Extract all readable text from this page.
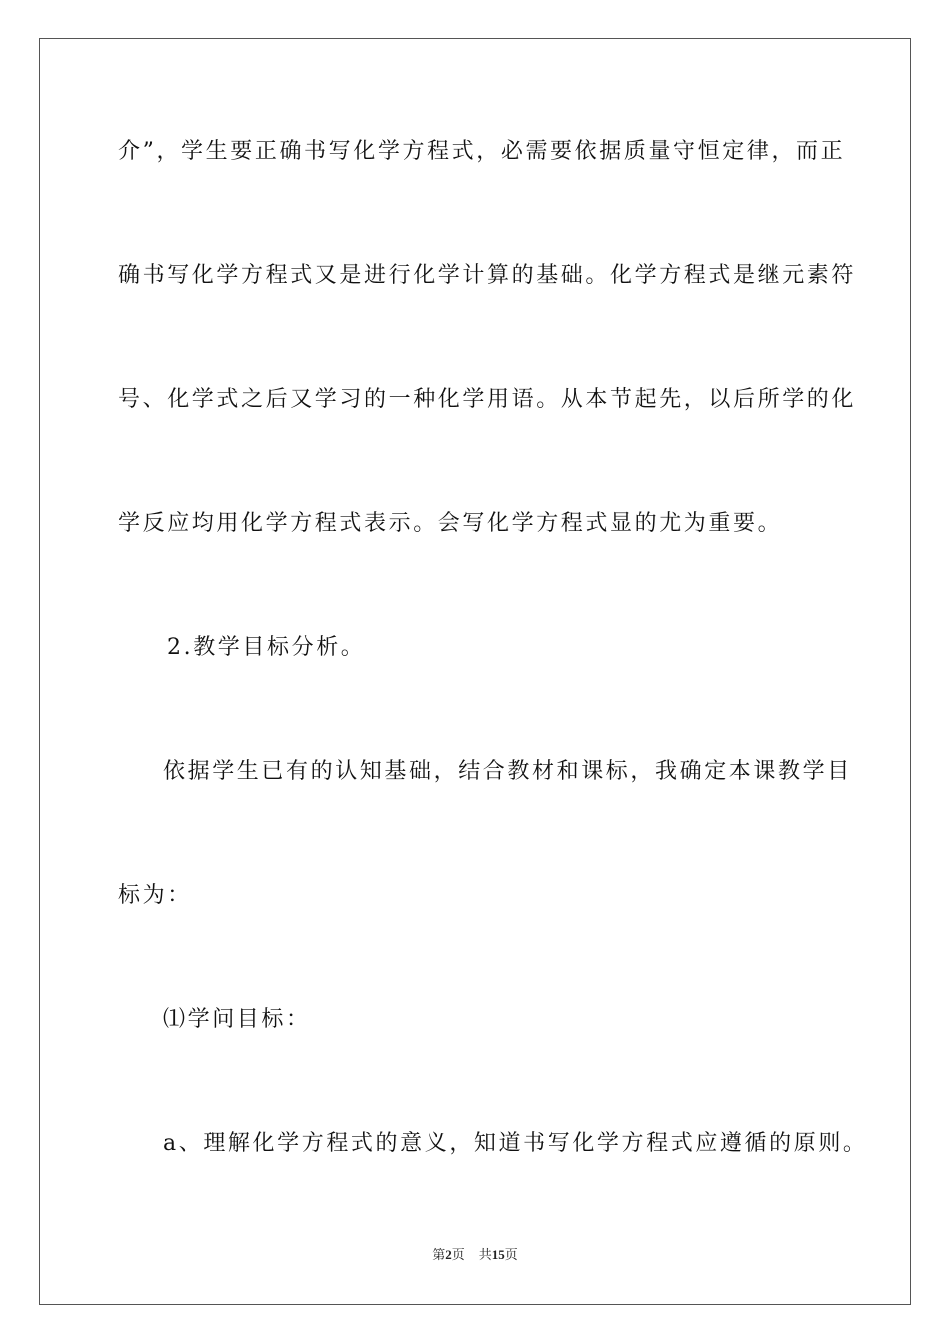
介”，学生要正确书写化学方程式，必需要依据质量守恒定律，而正
确书写化学方程式又是进行化学计算的基础。化学方程式是继元素符
号、化学式之后又学习的一种化学用语。从本节起先，以后所学的化
学反应均用化学方程式表示。会写化学方程式显的尤为重要。
2.教学目标分析。
依据学生已有的认知基础，结合教材和课标，我确定本课教学目
标为：
⑴学问目标：
a、理解化学方程式的意义，知道书写化学方程式应遵循的原则。
第2页 共15页
